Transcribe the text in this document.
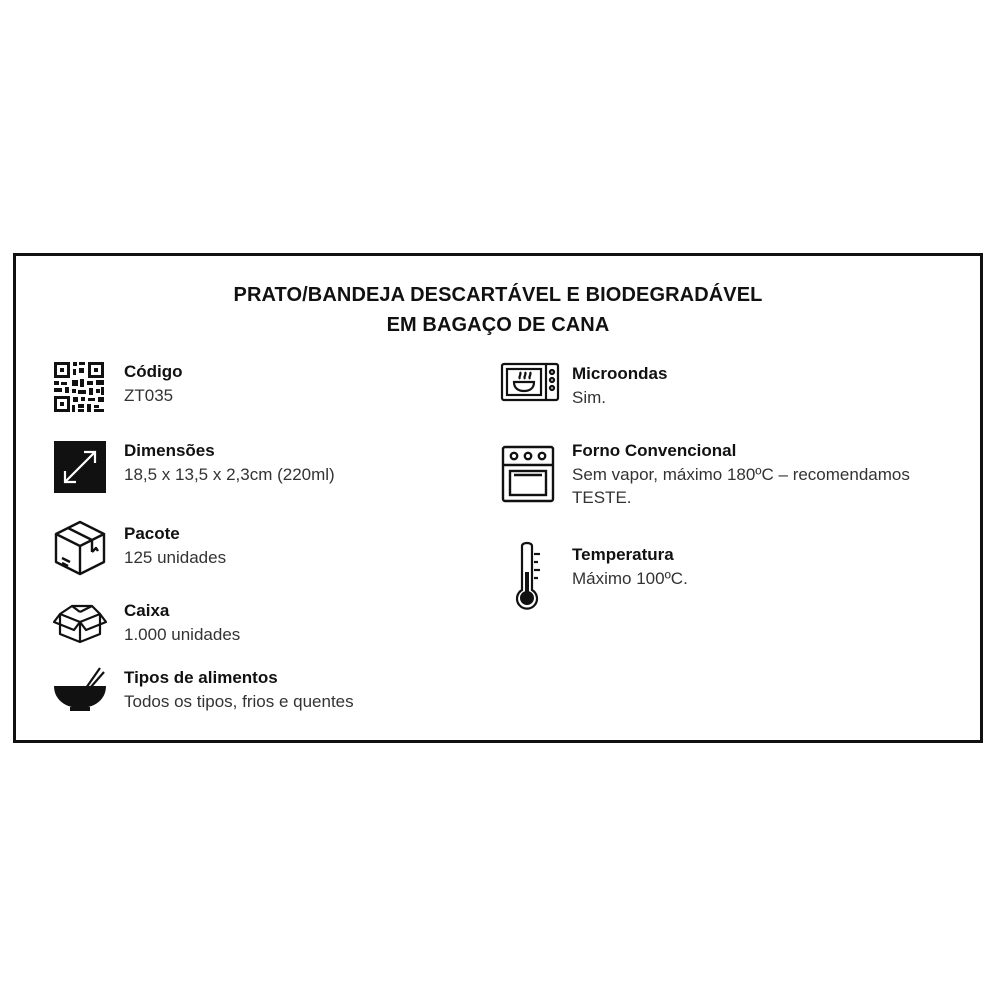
PRATO/BANDEJA DESCARTÁVEL E BIODEGRADÁVEL
EM BAGAÇO DE CANA
Código
ZT035
Dimensões
18,5 x 13,5 x 2,3cm (220ml)
Pacote
125 unidades
Caixa
1.000 unidades
Tipos de alimentos
Todos os tipos, frios e quentes
Microondas
Sim.
Forno Convencional
Sem vapor, máximo 180ºC – recomendamos TESTE.
Temperatura
Máximo 100ºC.
